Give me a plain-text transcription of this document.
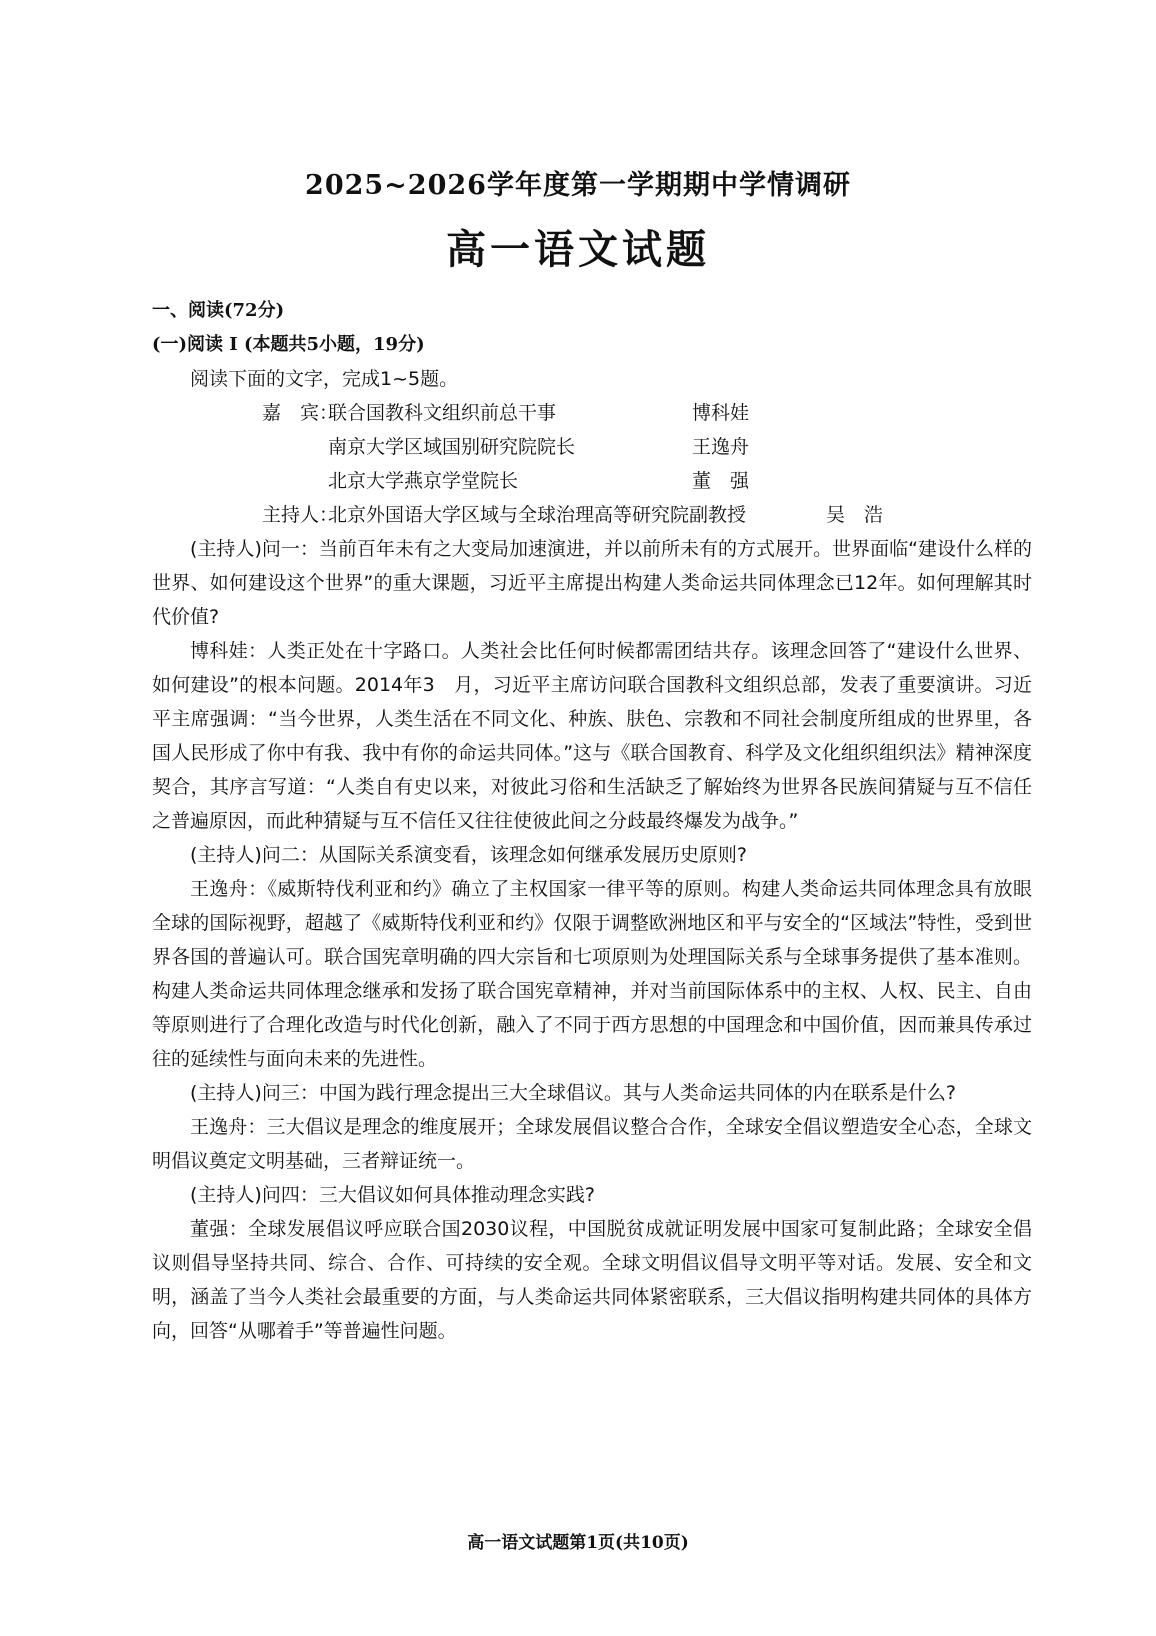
2025~2026学年度第一学期期中学情调研
高一语文试题
一、阅读(72分)
(一)阅读 I (本题共5小题，19分)
阅读下面的文字，完成1~5题。
嘉　宾：
联合国教科文组织前总干事	博科娃
南京大学区域国别研究院院长	王逸舟
北京大学燕京学堂院长	董　强
主持人：
北京外国语大学区域与全球治理高等研究院副教授	吴　浩
(主持人)问一：当前百年未有之大变局加速演进，并以前所未有的方式展开。世界面临“建设什么样的世界、如何建设这个世界”的重大课题，习近平主席提出构建人类命运共同体理念已12年。如何理解其时代价值?
博科娃：人类正处在十字路口。人类社会比任何时候都需团结共存。该理念回答了“建设什么世界、如何建设”的根本问题。2014年3　月，习近平主席访问联合国教科文组织总部，发表了重要演讲。习近平主席强调：“当今世界，人类生活在不同文化、种族、肤色、宗教和不同社会制度所组成的世界里，各国人民形成了你中有我、我中有你的命运共同体。”这与《联合国教育、科学及文化组织组织法》精神深度契合，其序言写道：“人类自有史以来，对彼此习俗和生活缺乏了解始终为世界各民族间猜疑与互不信任之普遍原因，而此种猜疑与互不信任又往往使彼此间之分歧最终爆发为战争。”
(主持人)问二：从国际关系演变看，该理念如何继承发展历史原则?
王逸舟：《威斯特伐利亚和约》确立了主权国家一律平等的原则。构建人类命运共同体理念具有放眼全球的国际视野，超越了《威斯特伐利亚和约》仅限于调整欧洲地区和平与安全的“区域法”特性，受到世界各国的普遍认可。联合国宪章明确的四大宗旨和七项原则为处理国际关系与全球事务提供了基本准则。构建人类命运共同体理念继承和发扬了联合国宪章精神，并对当前国际体系中的主权、人权、民主、自由等原则进行了合理化改造与时代化创新，融入了不同于西方思想的中国理念和中国价值，因而兼具传承过往的延续性与面向未来的先进性。
(主持人)问三：中国为践行理念提出三大全球倡议。其与人类命运共同体的内在联系是什么?
王逸舟：三大倡议是理念的维度展开；全球发展倡议整合合作，全球安全倡议塑造安全心态，全球文明倡议奠定文明基础，三者辩证统一。
(主持人)问四：三大倡议如何具体推动理念实践?
董强：全球发展倡议呼应联合国2030议程，中国脱贫成就证明发展中国家可复制此路；全球安全倡议则倡导坚持共同、综合、合作、可持续的安全观。全球文明倡议倡导文明平等对话。发展、安全和文明，涵盖了当今人类社会最重要的方面，与人类命运共同体紧密联系，三大倡议指明构建共同体的具体方向，回答“从哪着手”等普遍性问题。
高一语文试题第1页(共10页)
